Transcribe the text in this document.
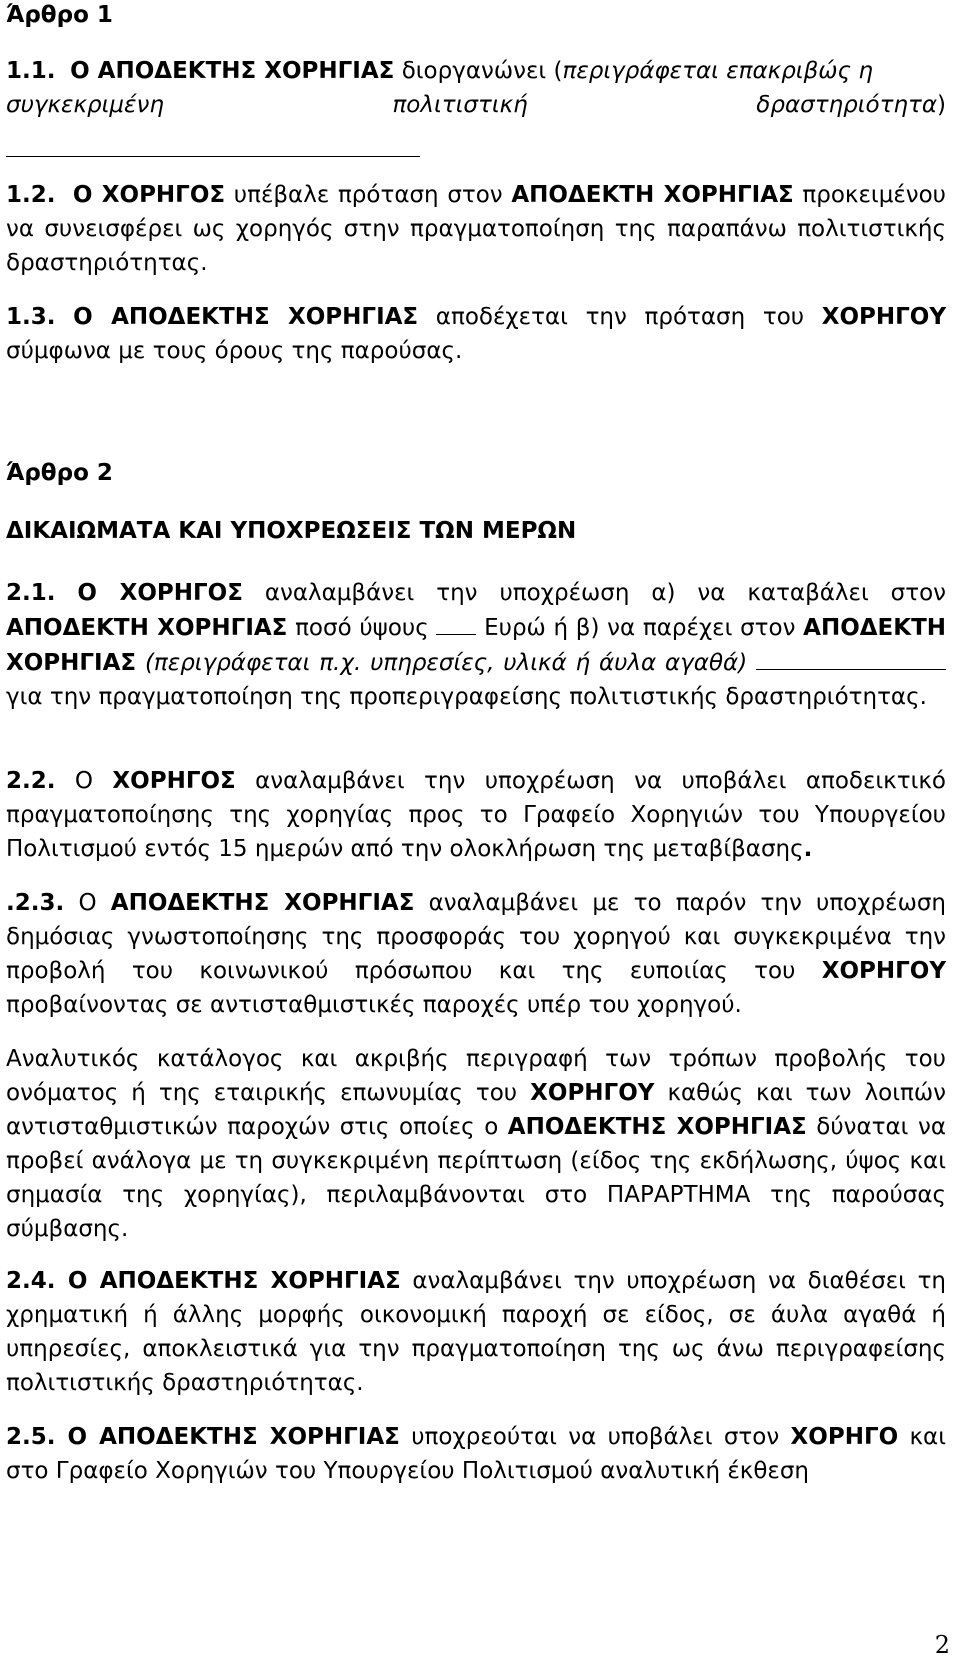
Άρθρο 1
1.1. Ο ΑΠΟΔΕΚΤΗΣ ΧΟΡΗΓΙΑΣ διοργανώνει (περιγράφεται επακριβώς η
συγκεκριμένη	πολιτιστική	δραστηριότητα)
1.2. Ο ΧΟΡΗΓΟΣ υπέβαλε πρόταση στον ΑΠΟΔΕΚΤΗ ΧΟΡΗΓΙΑΣ προκειμένου να συνεισφέρει ως χορηγός στην πραγματοποίηση της παραπάνω πολιτιστικής δραστηριότητας.
1.3. Ο ΑΠΟΔΕΚΤΗΣ ΧΟΡΗΓΙΑΣ αποδέχεται την πρόταση του ΧΟΡΗΓΟΥ σύμφωνα με τους όρους της παρούσας.
Άρθρο 2
ΔΙΚΑΙΩΜΑΤΑ ΚΑΙ ΥΠΟΧΡΕΩΣΕΙΣ ΤΩΝ ΜΕΡΩΝ
2.1. Ο ΧΟΡΗΓΟΣ αναλαμβάνει την υποχρέωση α) να καταβάλει στον ΑΠΟΔΕΚΤΗ ΧΟΡΗΓΙΑΣ ποσό ύψους  Ευρώ ή β) να παρέχει στον ΑΠΟΔΕΚΤΗ ΧΟΡΗΓΙΑΣ (περιγράφεται π.χ. υπηρεσίες, υλικά ή άυλα αγαθά)  για την πραγματοποίηση της προπεριγραφείσης πολιτιστικής δραστηριότητας.
2.2. Ο ΧΟΡΗΓΟΣ αναλαμβάνει την υποχρέωση να υποβάλει αποδεικτικό πραγματοποίησης της χορηγίας προς το Γραφείο Χορηγιών του Υπουργείου Πολιτισμού εντός 15 ημερών από την ολοκλήρωση της μεταβίβασης.
.2.3. Ο ΑΠΟΔΕΚΤΗΣ ΧΟΡΗΓΙΑΣ αναλαμβάνει με το παρόν την υποχρέωση δημόσιας γνωστοποίησης της προσφοράς του χορηγού και συγκεκριμένα την προβολή του κοινωνικού πρόσωπου και της ευποιίας του ΧΟΡΗΓΟΥ προβαίνοντας σε αντισταθμιστικές παροχές υπέρ του χορηγού.
Αναλυτικός κατάλογος και ακριβής περιγραφή των τρόπων προβολής του ονόματος ή της εταιρικής επωνυμίας του ΧΟΡΗΓΟΥ καθώς και των λοιπών αντισταθμιστικών παροχών στις οποίες ο ΑΠΟΔΕΚΤΗΣ ΧΟΡΗΓΙΑΣ δύναται να προβεί ανάλογα με τη συγκεκριμένη περίπτωση (είδος της εκδήλωσης, ύψος και σημασία της χορηγίας), περιλαμβάνονται στο ΠΑΡΑΡΤΗΜΑ της παρούσας σύμβασης.
2.4. Ο ΑΠΟΔΕΚΤΗΣ ΧΟΡΗΓΙΑΣ αναλαμβάνει την υποχρέωση να διαθέσει τη χρηματική ή άλλης μορφής οικονομική παροχή σε είδος, σε άυλα αγαθά ή υπηρεσίες, αποκλειστικά για την πραγματοποίηση της ως άνω περιγραφείσης πολιτιστικής δραστηριότητας.
2.5. Ο ΑΠΟΔΕΚΤΗΣ ΧΟΡΗΓΙΑΣ υποχρεούται να υποβάλει στον ΧΟΡΗΓΟ και στο Γραφείο Χορηγιών του Υπουργείου Πολιτισμού αναλυτική έκθεση
2
